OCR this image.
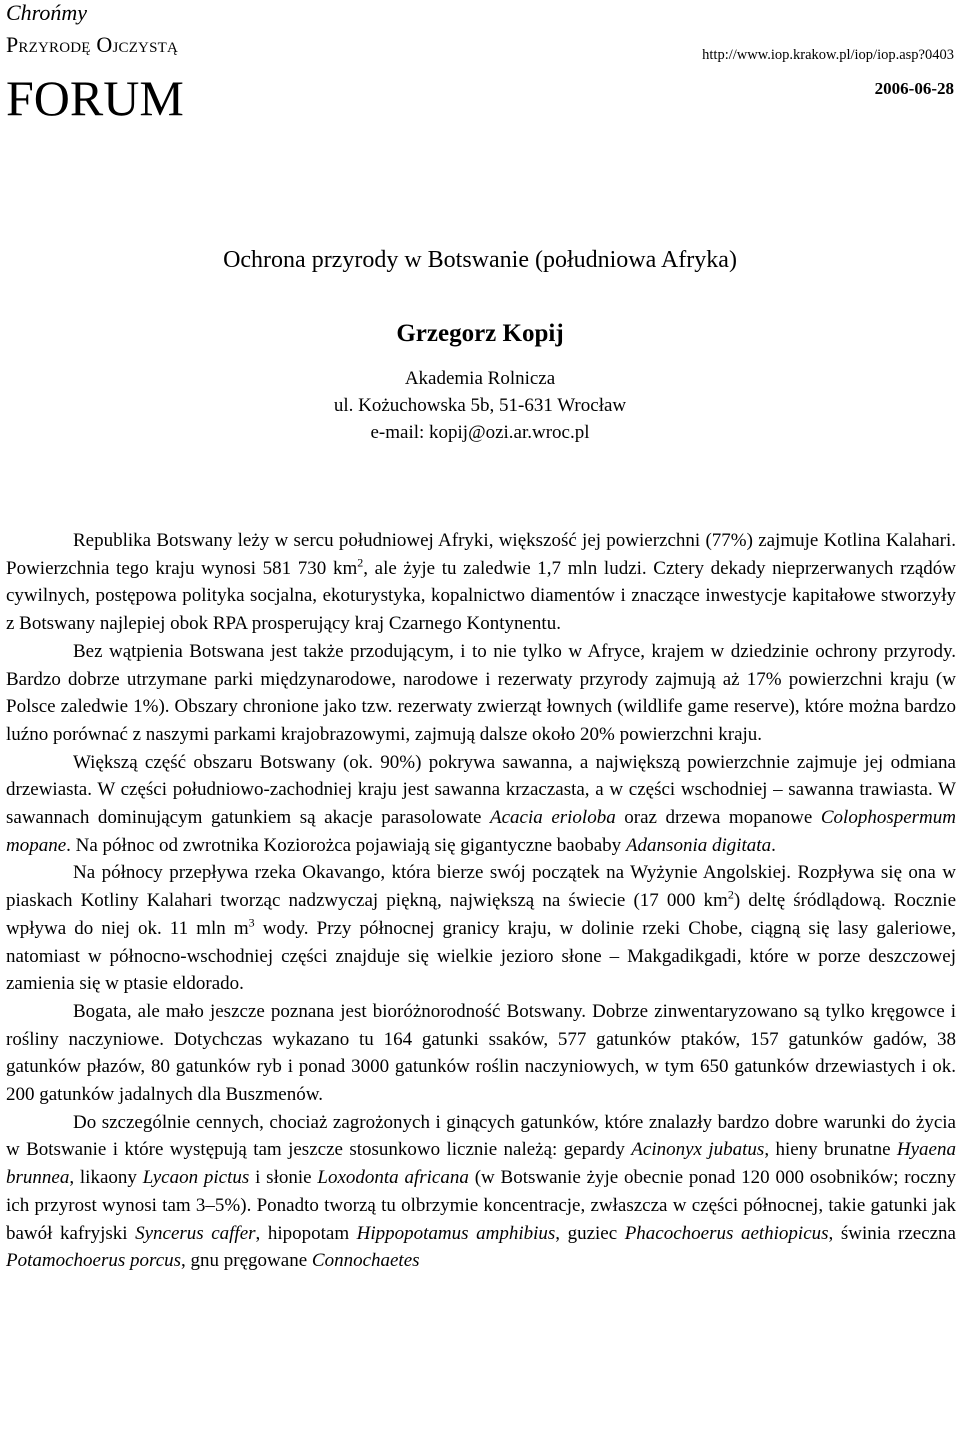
Chrońmy
Przyrodę Ojczystą	http://www.iop.krakow.pl/iop/iop.asp?0403
FORUM	2006-06-28
Ochrona przyrody w Botswanie (południowa Afryka)
Grzegorz Kopij
Akademia Rolnicza
ul. Kożuchowska 5b, 51-631 Wrocław
e-mail: kopij@ozi.ar.wroc.pl

Republika Botswany leży w sercu południowej Afryki, większość jej powierzchni (77%) zajmuje Kotlina Kalahari. Powierzchnia tego kraju wynosi 581 730 $km^2$, ale żyje tu zaledwie 1,7 mln ludzi. Cztery dekady nieprzerwanych rządów cywilnych, postępowa polityka socjalna, ekoturystyka, kopalnictwo diamentów i znaczące inwestycje kapitałowe stworzyły z Botswany najlepiej obok RPA prosperujący kraj Czarnego Kontynentu.

Bez wątpienia Botswana jest także przodującym, i to nie tylko w Afryce, krajem w dziedzinie ochrony przyrody. Bardzo dobrze utrzymane parki międzynarodowe, narodowe i rezerwaty przyrody zajmują aż 17% powierzchni kraju (w Polsce zaledwie 1%). Obszary chronione jako tzw. rezerwaty zwierząt łownych (wildlife game reserve), które można bardzo luźno porównać z naszymi parkami krajobrazowymi, zajmują dalsze około 20% powierzchni kraju.

Większą część obszaru Botswany (ok. 90%) pokrywa sawanna, a największą powierzchnie zajmuje jej odmiana drzewiasta. W części południowo-zachodniej kraju jest sawanna krzaczasta, a w części wschodniej – sawanna trawiasta. W sawannach dominującym gatunkiem są akacje parasolowate Acacia erioloba oraz drzewa mopanowe Colophospermum mopane. Na północ od zwrotnika Koziorożca pojawiają się gigantyczne baobaby Adansonia digitata.

Na północy przepływa rzeka Okavango, która bierze swój początek na Wyżynie Angolskiej. Rozpływa się ona w piaskach Kotliny Kalahari tworząc nadzwyczaj piękną, największą na świecie (17 000 $km^2$) deltę śródlądową. Rocznie wpływa do niej ok. 11 mln $m^3$ wody. Przy północnej granicy kraju, w dolinie rzeki Chobe, ciągną się lasy galeriowe, natomiast w północno-wschodniej części znajduje się wielkie jezioro słone – Makgadikgadi, które w porze deszczowej zamienia się w ptasie eldorado.

Bogata, ale mało jeszcze poznana jest bioróżnorodność Botswany. Dobrze zinwentaryzowano są tylko kręgowce i rośliny naczyniowe. Dotychczas wykazano tu 164 gatunki ssaków, 577 gatunków ptaków, 157 gatunków gadów, 38 gatunków płazów, 80 gatunków ryb i ponad 3000 gatunków roślin naczyniowych, w tym 650 gatunków drzewiastych i ok. 200 gatunków jadalnych dla Buszmenów.

Do szczególnie cennych, chociaż zagrożonych i ginących gatunków, które znalazły bardzo dobre warunki do życia w Botswanie i które występują tam jeszcze stosunkowo licznie należą: gepardy Acinonyx jubatus, hieny brunatne Hyaena brunnea, likaony Lycaon pictus i słonie Loxodonta africana (w Botswanie żyje obecnie ponad 120 000 osobników; roczny ich przyrost wynosi tam 3–5%). Ponadto tworzą tu olbrzymie koncentracje, zwłaszcza w części północnej, takie gatunki jak bawół kafryjski Syncerus caffer, hipopotam Hippopotamus amphibius, guziec Phacochoerus aethiopicus, świnia rzeczna Potamochoerus porcus, gnu pręgowane Connochaetes
